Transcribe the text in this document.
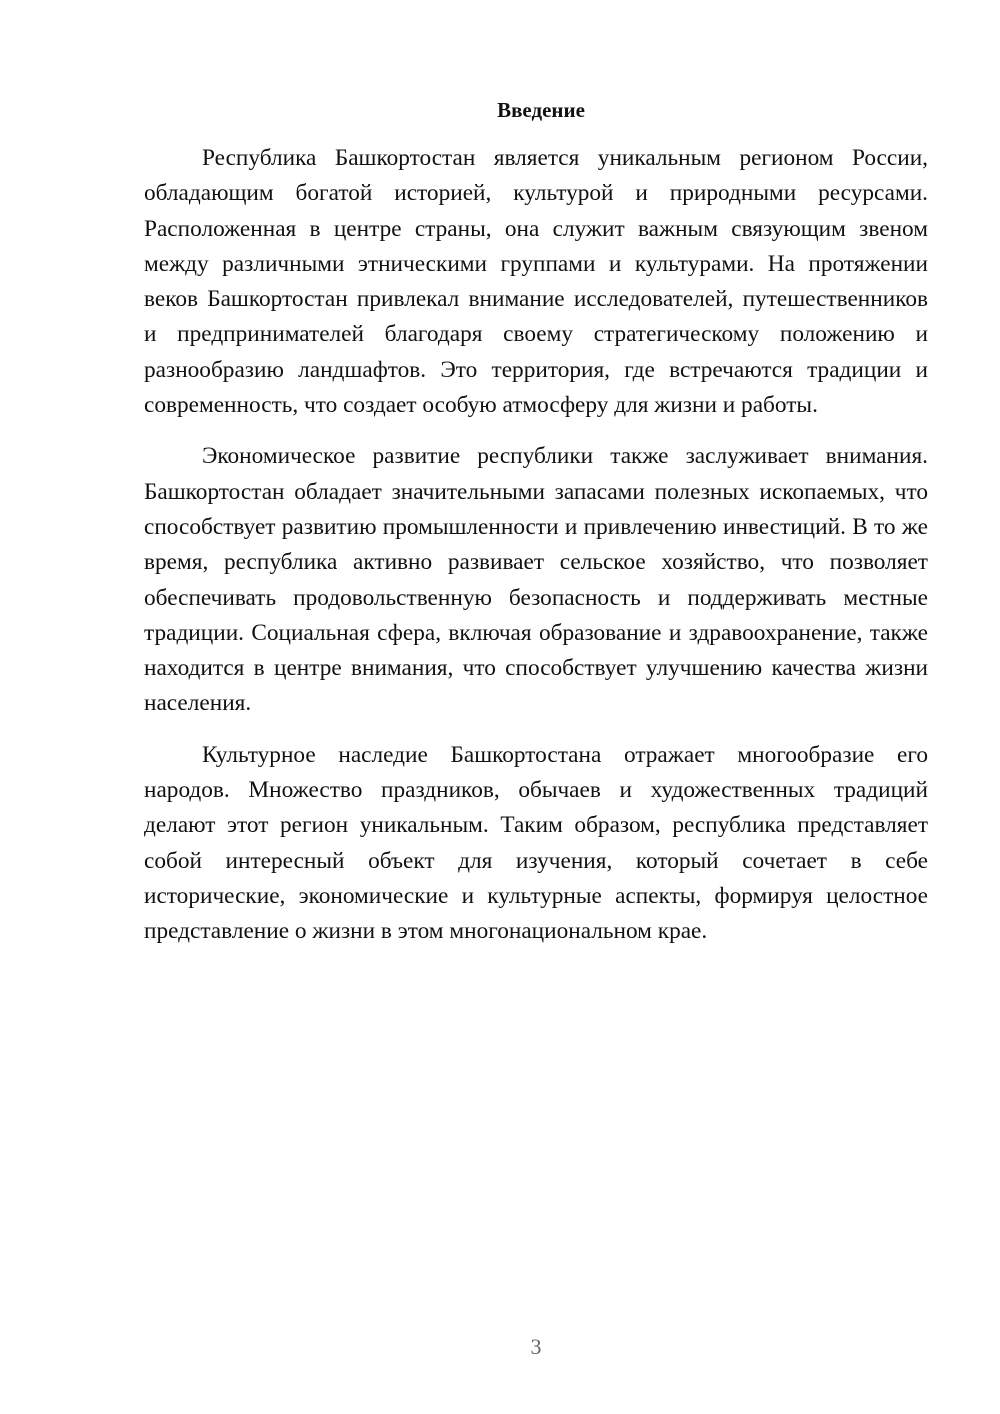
Введение

Республика Башкортостан является уникальным регионом России, обладающим богатой историей, культурой и природными ресурсами. Расположенная в центре страны, она служит важным связующим звеном между различными этническими группами и культурами. На протяжении веков Башкортостан привлекал внимание исследователей, путешественников и предпринимателей благодаря своему стратегическому положению и разнообразию ландшафтов. Это территория, где встречаются традиции и современность, что создает особую атмосферу для жизни и работы.

Экономическое развитие республики также заслуживает внимания. Башкортостан обладает значительными запасами полезных ископаемых, что способствует развитию промышленности и привлечению инвестиций. В то же время, республика активно развивает сельское хозяйство, что позволяет обеспечивать продовольственную безопасность и поддерживать местные традиции. Социальная сфера, включая образование и здравоохранение, также находится в центре внимания, что способствует улучшению качества жизни населения.

Культурное наследие Башкортостана отражает многообразие его народов. Множество праздников, обычаев и художественных традиций делают этот регион уникальным. Таким образом, республика представляет собой интересный объект для изучения, который сочетает в себе исторические, экономические и культурные аспекты, формируя целостное представление о жизни в этом многонациональном крае.

3
